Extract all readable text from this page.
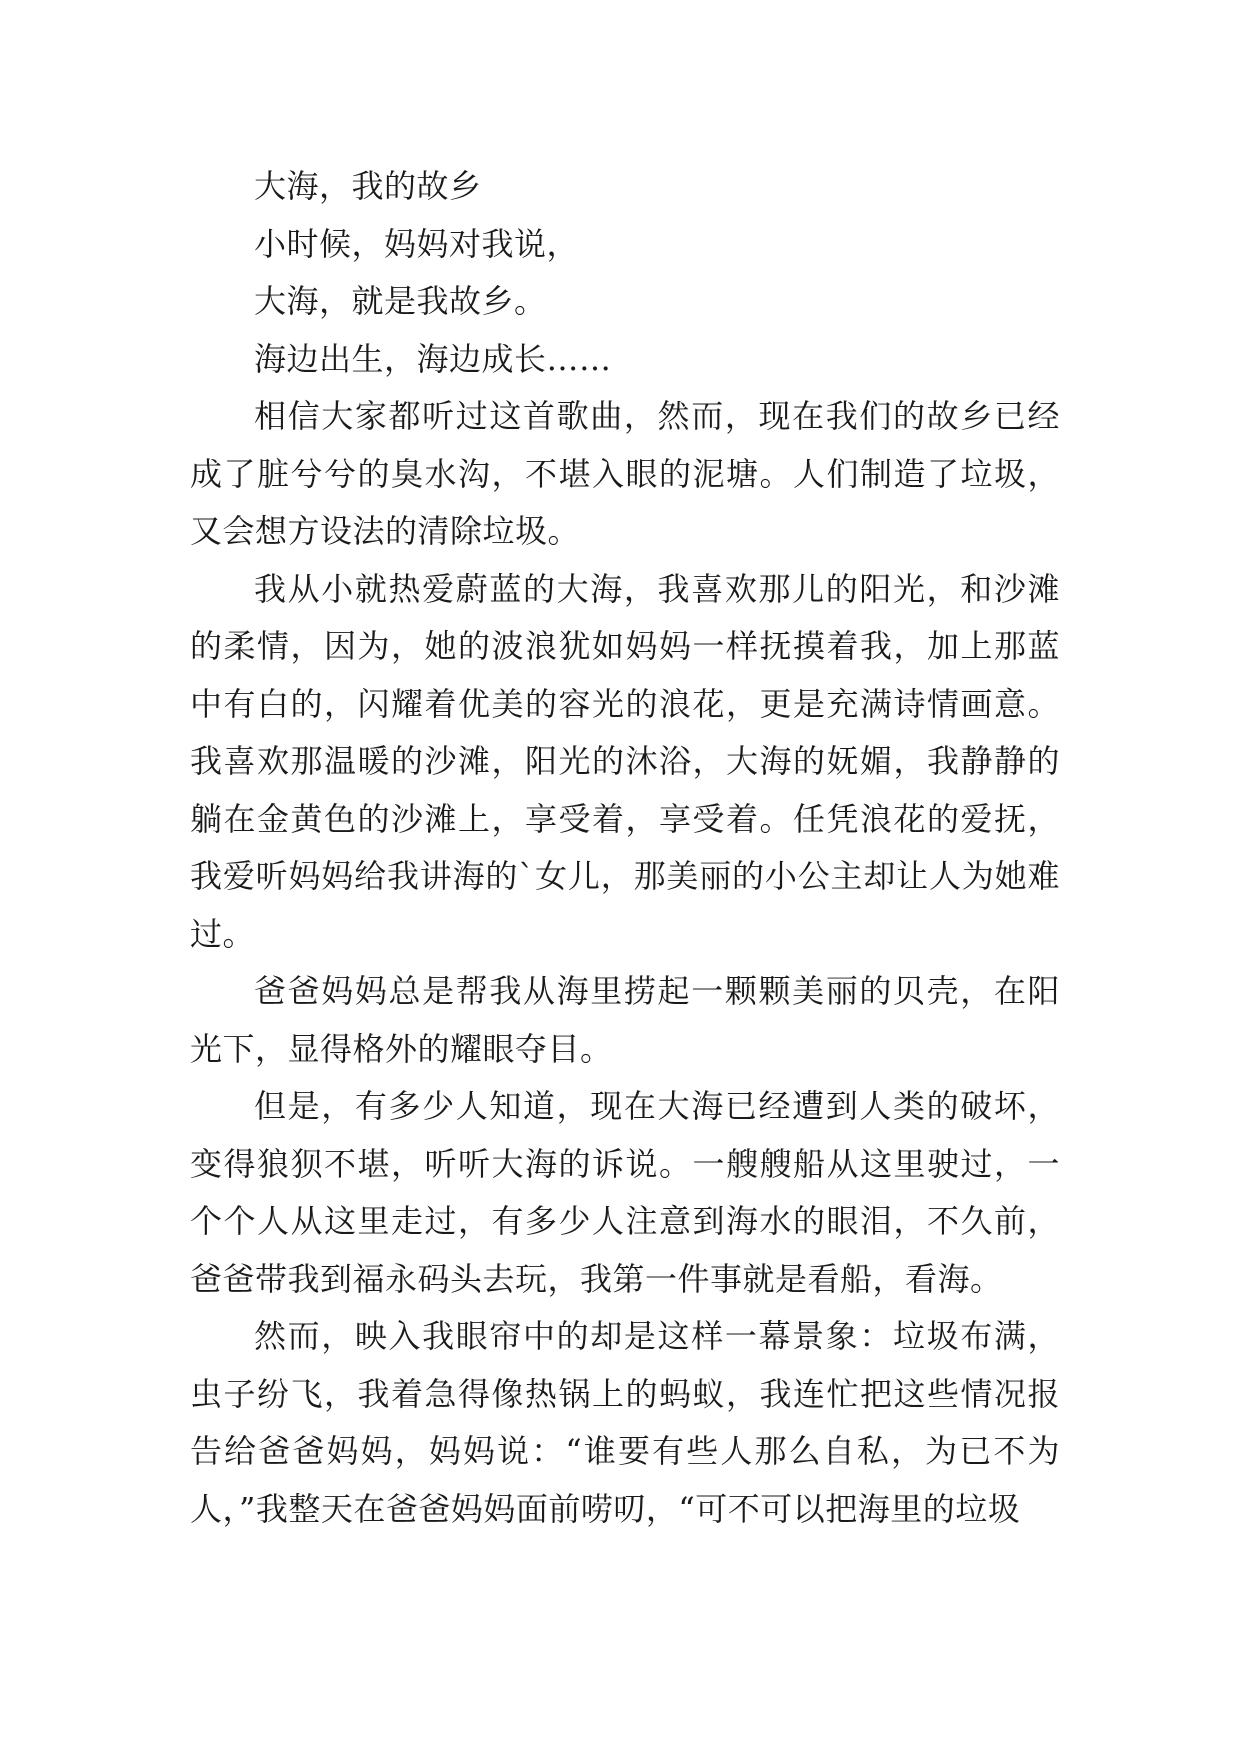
大海，我的故乡

小时候，妈妈对我说，

大海，就是我故乡。

海边出生，海边成长……

相信大家都听过这首歌曲，然而，现在我们的故乡已经成了脏兮兮的臭水沟，不堪入眼的泥塘。人们制造了垃圾，又会想方设法的清除垃圾。

我从小就热爱蔚蓝的大海，我喜欢那儿的阳光，和沙滩的柔情，因为，她的波浪犹如妈妈一样抚摸着我，加上那蓝中有白的，闪耀着优美的容光的浪花，更是充满诗情画意。我喜欢那温暖的沙滩，阳光的沐浴，大海的妩媚，我静静的躺在金黄色的沙滩上，享受着，享受着。任凭浪花的爱抚，我爱听妈妈给我讲海的`女儿，那美丽的小公主却让人为她难过。

爸爸妈妈总是帮我从海里捞起一颗颗美丽的贝壳，在阳光下，显得格外的耀眼夺目。

但是，有多少人知道，现在大海已经遭到人类的破坏，变得狼狈不堪，听听大海的诉说。一艘艘船从这里驶过，一个个人从这里走过，有多少人注意到海水的眼泪，不久前，爸爸带我到福永码头去玩，我第一件事就是看船，看海。

然而，映入我眼帘中的却是这样一幕景象：垃圾布满，虫子纷飞，我着急得像热锅上的蚂蚁，我连忙把这些情况报告给爸爸妈妈，妈妈说：“谁要有些人那么自私，为已不为人，”我整天在爸爸妈妈面前唠叨，“可不可以把海里的垃圾
